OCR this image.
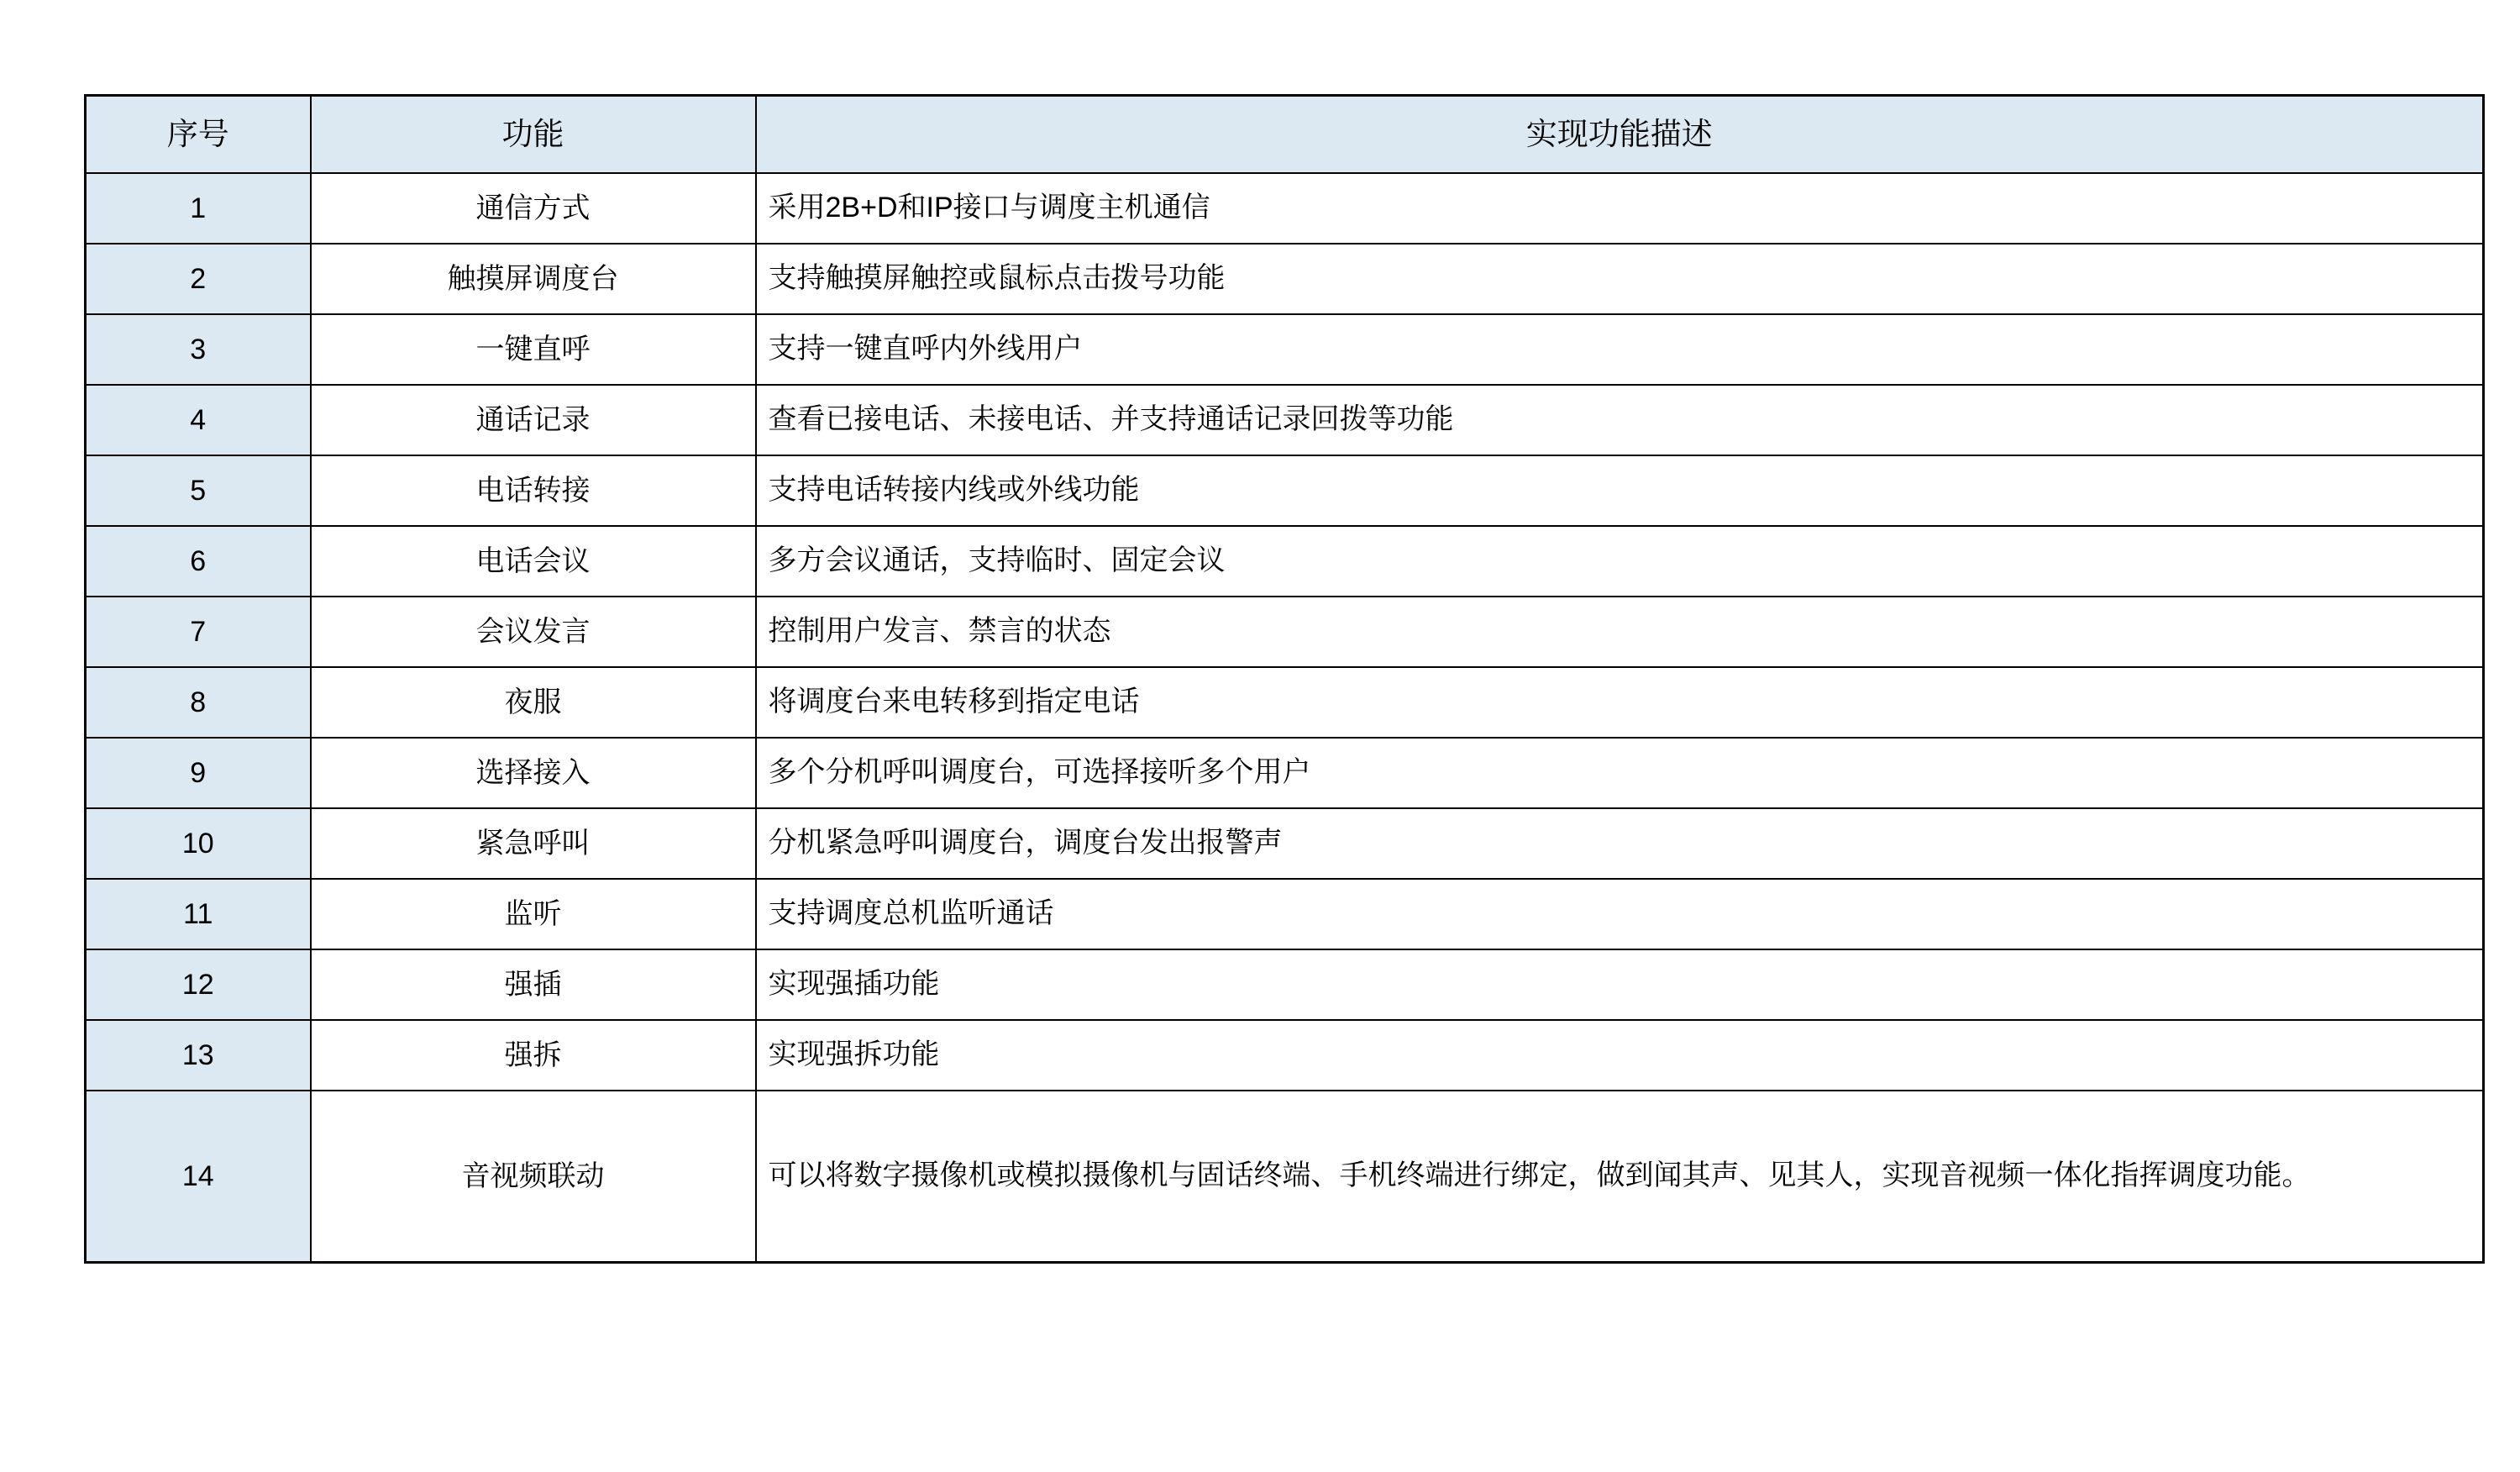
序号	功能	实现功能描述
1	通信方式	采用2B+D和IP接口与调度主机通信
2	触摸屏调度台	支持触摸屏触控或鼠标点击拨号功能
3	一键直呼	支持一键直呼内外线用户
4	通话记录	查看已接电话、未接电话、并支持通话记录回拨等功能
5	电话转接	支持电话转接内线或外线功能
6	电话会议	多方会议通话，支持临时、固定会议
7	会议发言	控制用户发言、禁言的状态
8	夜服	将调度台来电转移到指定电话
9	选择接入	多个分机呼叫调度台，可选择接听多个用户
10	紧急呼叫	分机紧急呼叫调度台，调度台发出报警声
11	监听	支持调度总机监听通话
12	强插	实现强插功能
13	强拆	实现强拆功能
14	音视频联动	可以将数字摄像机或模拟摄像机与固话终端、手机终端进行绑定，做到闻其声、见其人，实现音视频一体化指挥调度功能。
